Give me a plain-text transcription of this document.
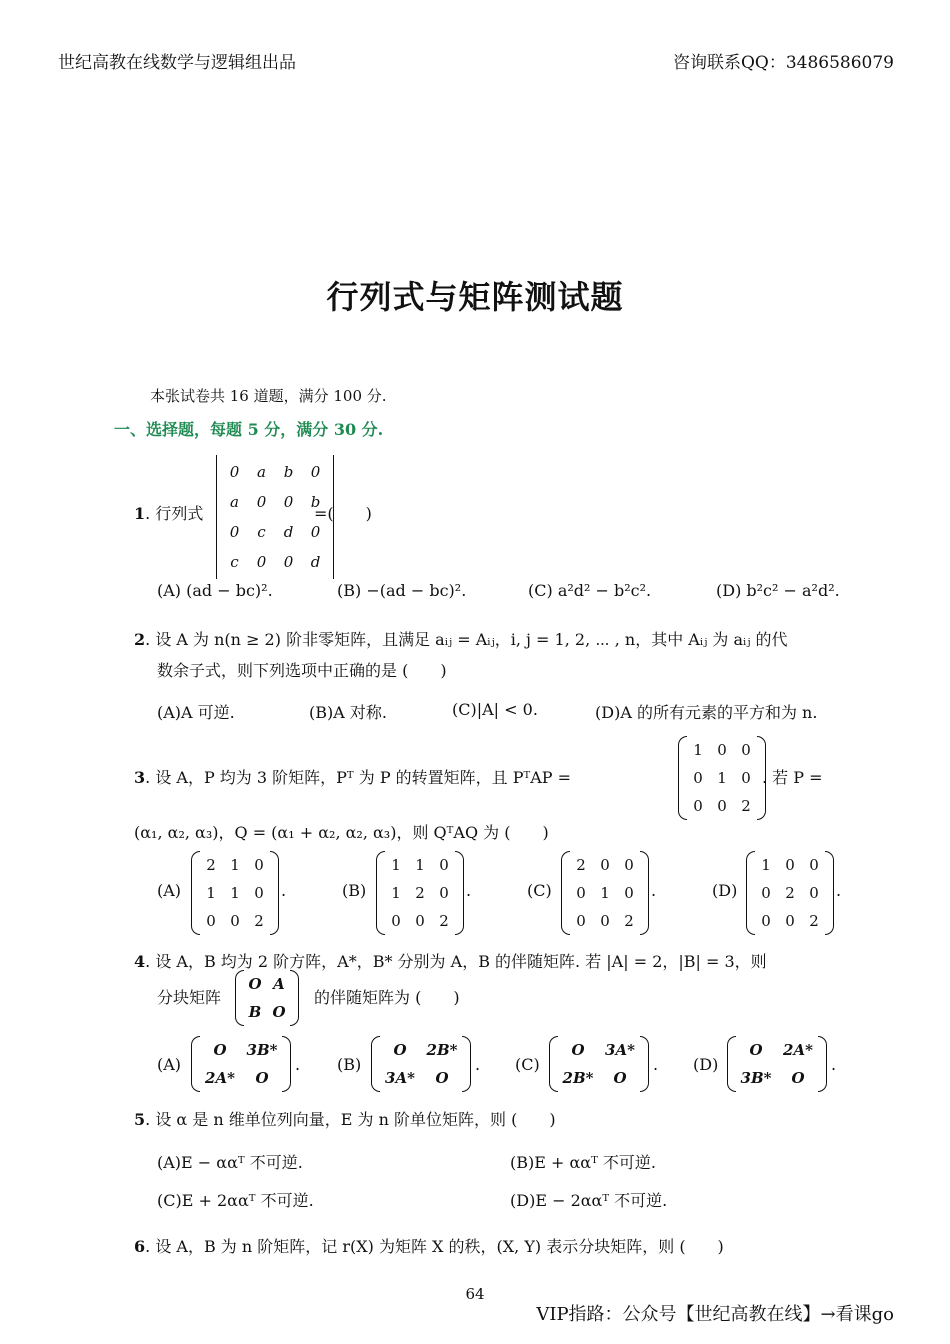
世纪高教在线数学与逻辑组出品	咨询联系QQ：3486586079
行列式与矩阵测试题
本张试卷共 16 道题，满分 100 分.
一、选择题，每题 5 分，满分 30 分.
1. 行列式
0	a	b	0
a	0	0	b
0	c	d	0
c	0	0	d
=(　　)
(A) (ad − bc)².	(B) −(ad − bc)².	(C) a²d² − b²c².	(D) b²c² − a²d².
2. 设 A 为 n(n ≥ 2) 阶非零矩阵，且满足 aᵢⱼ = Aᵢⱼ，i, j = 1, 2, ⋯ , n，其中 Aᵢⱼ 为 aᵢⱼ 的代
数余子式，则下列选项中正确的是 (　　)
(A)A 可逆.	(B)A 对称.	(C)|A| < 0.	(D)A 的所有元素的平方和为 n.
3. 设 A，P 均为 3 阶矩阵，Pᵀ 为 P 的转置矩阵，且 PᵀAP =
1	0	0
0	1	0
0	0	2
. 若 P =
(α₁, α₂, α₃)，Q = (α₁ + α₂, α₂, α₃)，则 QᵀAQ 为 (　　)
(A)
2	1	0
1	1	0
0	0	2
.	(B)
1	1	0
1	2	0
0	0	2
.	(C)
2	0	0
0	1	0
0	0	2
.	(D)
1	0	0
0	2	0
0	0	2
.
4. 设 A，B 均为 2 阶方阵，A*，B* 分别为 A，B 的伴随矩阵. 若 |A| = 2，|B| = 3，则
分块矩阵
O	A
B	O
的伴随矩阵为 (　　)
(A)
O	3B*
2A*	O
. (B)
O	2B*
3A*	O
. (C)
O	3A*
2B*	O
. (D)
O	2A*
3B*	O
.
5. 设 α 是 n 维单位列向量，E 为 n 阶单位矩阵，则 (　　)
(A)E − ααᵀ 不可逆.	(B)E + ααᵀ 不可逆.
(C)E + 2ααᵀ 不可逆.	(D)E − 2ααᵀ 不可逆.
6. 设 A，B 为 n 阶矩阵，记 r(X) 为矩阵 X 的秩，(X, Y) 表示分块矩阵，则 (　　)
64
VIP指路：公众号【世纪高教在线】→看课go
